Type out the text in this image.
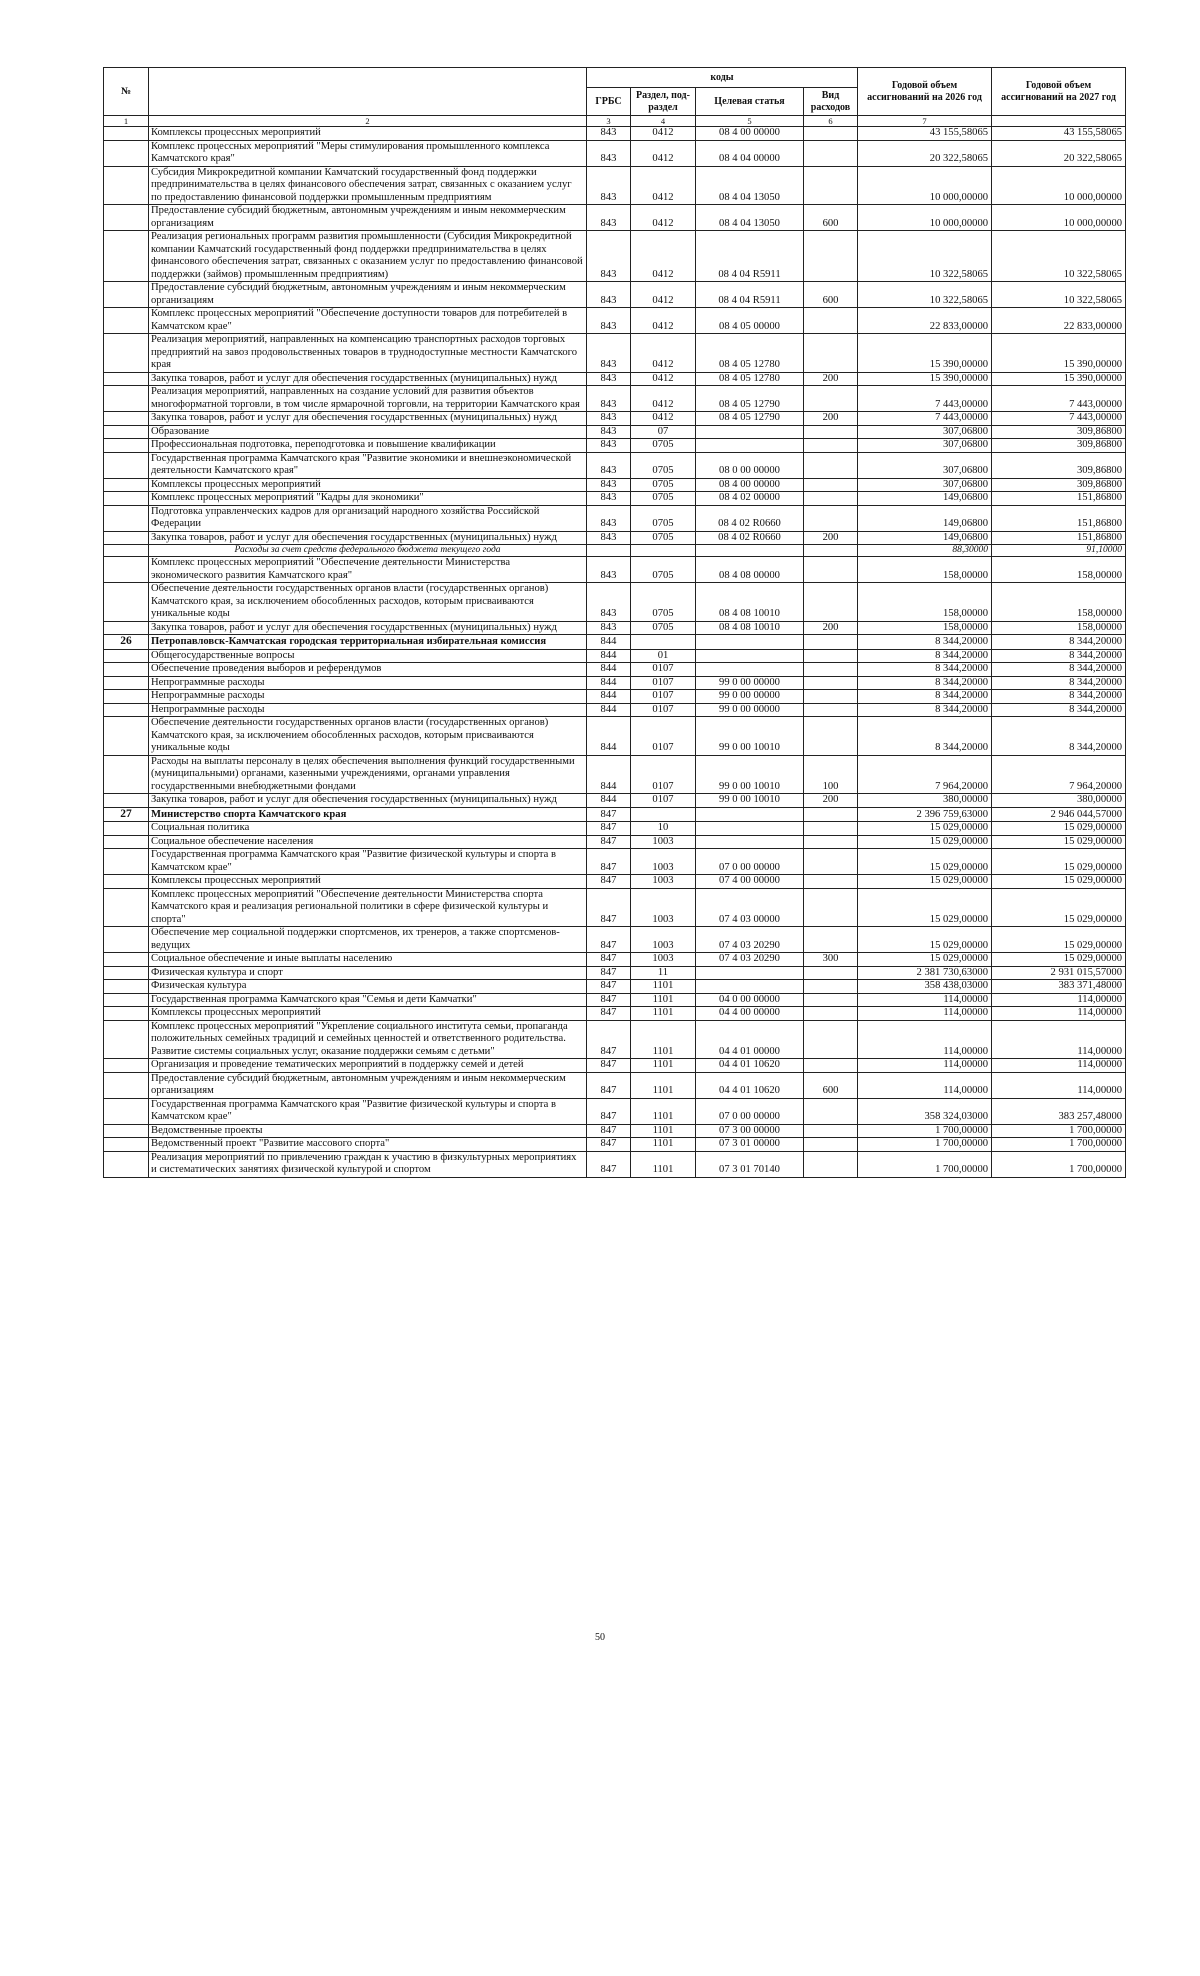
№		коды				Годовой объем ассигнований на 2026 год	Годовой объем ассигнований на 2027 год
		ГРБС	Раздел, под-раздел	Целевая статья	Вид расходов		
1	2	3	4	5	6	7	
	Комплексы процессных мероприятий	843	0412	08 4 00 00000		43 155,58065	43 155,58065
	Комплекс процессных мероприятий "Меры стимулирования промышленного комплекса Камчатского края"	843	0412	08 4 04 00000		20 322,58065	20 322,58065
	Субсидия Микрокредитной компании Камчатский государственный фонд поддержки предпринимательства в целях финансового обеспечения затрат, связанных с оказанием услуг по предоставлению финансовой поддержки промышленным предприятиям	843	0412	08 4 04 13050		10 000,00000	10 000,00000
	Предоставление субсидий бюджетным, автономным учреждениям и иным некоммерческим организациям	843	0412	08 4 04 13050	600	10 000,00000	10 000,00000
	Реализация региональных программ развития промышленности (Субсидия Микрокредитной компании Камчатский государственный фонд поддержки предпринимательства в целях финансового обеспечения затрат, связанных с оказанием услуг по предоставлению финансовой поддержки (займов) промышленным предприятиям)	843	0412	08 4 04 R5911		10 322,58065	10 322,58065
	Предоставление субсидий бюджетным, автономным учреждениям и иным некоммерческим организациям	843	0412	08 4 04 R5911	600	10 322,58065	10 322,58065
	Комплекс процессных мероприятий "Обеспечение доступности товаров для потребителей в Камчатском крае"	843	0412	08 4 05 00000		22 833,00000	22 833,00000
	Реализация мероприятий, направленных на компенсацию транспортных расходов торговых предприятий на завоз продовольственных товаров в труднодоступные местности Камчатского края	843	0412	08 4 05 12780		15 390,00000	15 390,00000
	Закупка товаров, работ и услуг для обеспечения государственных (муниципальных) нужд	843	0412	08 4 05 12780	200	15 390,00000	15 390,00000
	Реализация мероприятий, направленных на создание условий для развития объектов многоформатной торговли, в том числе ярмарочной торговли, на территории Камчатского края	843	0412	08 4 05 12790		7 443,00000	7 443,00000
	Закупка товаров, работ и услуг для обеспечения государственных (муниципальных) нужд	843	0412	08 4 05 12790	200	7 443,00000	7 443,00000
	Образование	843	07			307,06800	309,86800
	Профессиональная подготовка, переподготовка и повышение квалификации	843	0705			307,06800	309,86800
	Государственная программа Камчатского края "Развитие экономики и внешнеэкономической деятельности Камчатского края"	843	0705	08 0 00 00000		307,06800	309,86800
	Комплексы процессных мероприятий	843	0705	08 4 00 00000		307,06800	309,86800
	Комплекс процессных мероприятий "Кадры для экономики"	843	0705	08 4 02 00000		149,06800	151,86800
	Подготовка управленческих кадров для организаций народного хозяйства Российской Федерации	843	0705	08 4 02 R0660		149,06800	151,86800
	Закупка товаров, работ и услуг для обеспечения государственных (муниципальных) нужд	843	0705	08 4 02 R0660	200	149,06800	151,86800
	Расходы за счет средств федерального бюджета текущего года					88,30000	91,10000
	Комплекс процессных мероприятий "Обеспечение деятельности Министерства экономического развития Камчатского края"	843	0705	08 4 08 00000		158,00000	158,00000
	Обеспечение деятельности государственных органов власти (государственных органов) Камчатского края, за исключением обособленных расходов, которым присваиваются уникальные коды	843	0705	08 4 08 10010		158,00000	158,00000
	Закупка товаров, работ и услуг для обеспечения государственных (муниципальных) нужд	843	0705	08 4 08 10010	200	158,00000	158,00000
26	Петропавловск-Камчатская городская территориальная избирательная комиссия	844				8 344,20000	8 344,20000
	Общегосударственные вопросы	844	01			8 344,20000	8 344,20000
	Обеспечение проведения выборов и референдумов	844	0107			8 344,20000	8 344,20000
	Непрограммные расходы	844	0107	99 0 00 00000		8 344,20000	8 344,20000
	Непрограммные расходы	844	0107	99 0 00 00000		8 344,20000	8 344,20000
	Непрограммные расходы	844	0107	99 0 00 00000		8 344,20000	8 344,20000
	Обеспечение деятельности государственных органов власти (государственных органов) Камчатского края, за исключением обособленных расходов, которым присваиваются уникальные коды	844	0107	99 0 00 10010		8 344,20000	8 344,20000
	Расходы на выплаты персоналу в целях обеспечения выполнения функций государственными (муниципальными) органами, казенными учреждениями, органами управления государственными внебюджетными фондами	844	0107	99 0 00 10010	100	7 964,20000	7 964,20000
	Закупка товаров, работ и услуг для обеспечения государственных (муниципальных) нужд	844	0107	99 0 00 10010	200	380,00000	380,00000
27	Министерство спорта Камчатского края	847				2 396 759,63000	2 946 044,57000
	Социальная политика	847	10			15 029,00000	15 029,00000
	Социальное обеспечение населения	847	1003			15 029,00000	15 029,00000
	Государственная программа Камчатского края "Развитие физической культуры и спорта в Камчатском крае"	847	1003	07 0 00 00000		15 029,00000	15 029,00000
	Комплексы процессных мероприятий	847	1003	07 4 00 00000		15 029,00000	15 029,00000
	Комплекс процессных мероприятий "Обеспечение деятельности Министерства спорта Камчатского края и реализация региональной политики в сфере физической культуры и спорта"	847	1003	07 4 03 00000		15 029,00000	15 029,00000
	Обеспечение мер социальной поддержки спортсменов, их тренеров, а также спортсменов-ведущих	847	1003	07 4 03 20290		15 029,00000	15 029,00000
	Социальное обеспечение и иные выплаты населению	847	1003	07 4 03 20290	300	15 029,00000	15 029,00000
	Физическая культура и спорт	847	11			2 381 730,63000	2 931 015,57000
	Физическая культура	847	1101			358 438,03000	383 371,48000
	Государственная программа Камчатского края "Семья и дети Камчатки"	847	1101	04 0 00 00000		114,00000	114,00000
	Комплексы процессных мероприятий	847	1101	04 4 00 00000		114,00000	114,00000
	Комплекс процессных мероприятий "Укрепление социального института семьи, пропаганда положительных семейных традиций и семейных ценностей и ответственного родительства. Развитие системы социальных услуг, оказание поддержки семьям с детьми"	847	1101	04 4 01 00000		114,00000	114,00000
	Организация и проведение тематических мероприятий в поддержку семей и детей	847	1101	04 4 01 10620		114,00000	114,00000
	Предоставление субсидий бюджетным, автономным учреждениям и иным некоммерческим организациям	847	1101	04 4 01 10620	600	114,00000	114,00000
	Государственная программа Камчатского края "Развитие физической культуры и спорта в Камчатском крае"	847	1101	07 0 00 00000		358 324,03000	383 257,48000
	Ведомственные проекты	847	1101	07 3 00 00000		1 700,00000	1 700,00000
	Ведомственный проект "Развитие массового спорта"	847	1101	07 3 01 00000		1 700,00000	1 700,00000
	Реализация мероприятий по привлечению граждан к участию в физкультурных мероприятиях и систематических занятиях физической культурой и спортом	847	1101	07 3 01 70140		1 700,00000	1 700,00000
50
